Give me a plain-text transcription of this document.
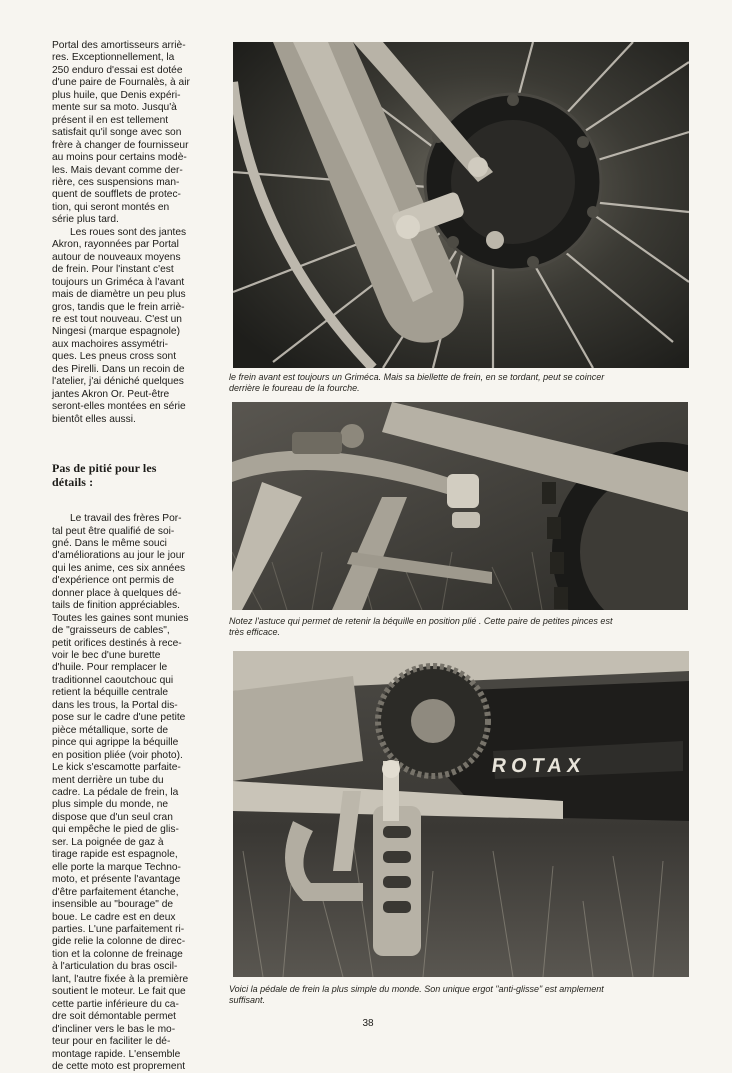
Portal des amortisseurs arriè-
res. Exceptionnellement, la
250 enduro d'essai est dotée
d'une paire de Fournalès, à air
plus huile, que Denis expéri-
mente sur sa moto. Jusqu'à
présent il en est tellement
satisfait qu'il songe avec son
frère à changer de fournisseur
au moins pour certains modè-
les. Mais devant comme der-
rière, ces suspensions man-
quent de soufflets de protec-
tion, qui seront montés en
série plus tard.

Les roues sont des jantes
Akron, rayonnées par Portal
autour de nouveaux moyens
de frein. Pour l'instant c'est
toujours un Griméca à l'avant
mais de diamètre un peu plus
gros, tandis que le frein arriè-
re est tout nouveau. C'est un
Ningesi (marque espagnole)
aux machoires assymétri-
ques. Les pneus cross sont
des Pirelli. Dans un recoin de
l'atelier, j'ai déniché quelques
jantes Akron Or. Peut-être
seront-elles montées en série
bientôt elles aussi.

Pas de pitié pour les
détails :

Le travail des frères Por-
tal peut être qualifié de soi-
gné. Dans le même souci
d'améliorations au jour le jour
qui les anime, ces six années
d'expérience ont permis de
donner place à quelques dé-
tails de finition appréciables.
Toutes les gaines sont munies
de "graisseurs de cables",
petit orifices destinés à rece-
voir le bec d'une burette
d'huile. Pour remplacer le
traditionnel caoutchouc qui
retient la béquille centrale
dans les trous, la Portal dis-
pose sur le cadre d'une petite
pièce métallique, sorte de
pince qui agrippe la béquille
en position pliée (voir photo).
Le kick s'escamotte parfaite-
ment derrière un tube du
cadre. La pédale de frein, la
plus simple du monde, ne
dispose que d'un seul cran
qui empêche le pied de glis-
ser. La poignée de gaz à
tirage rapide est espagnole,
elle porte la marque Techno-
moto, et présente l'avantage
d'être parfaitement étanche,
insensible au "bourage" de
boue. Le cadre est en deux
parties. L'une parfaitement ri-
gide relie la colonne de direc-
tion et la colonne de freinage
à l'articulation du bras oscil-
lant, l'autre fixée à la première
soutient le moteur. Le fait que
cette partie inférieure du ca-
dre soit démontable permet
d'incliner vers le bas le mo-
teur pour en faciliter le dé-
montage rapide. L'ensemble
de cette moto est proprement

le frein avant est toujours un Griméca. Mais sa biellette de frein, en se tordant, peut se coincer
derrière le foureau de la fourche.

Notez l'astuce qui permet de retenir la béquille en position plié . Cette paire de petites pinces est
très efficace.

ROTAX

Voici la pédale de frein la plus simple du monde. Son unique ergot "anti-glisse" est amplement
suffisant.

38
